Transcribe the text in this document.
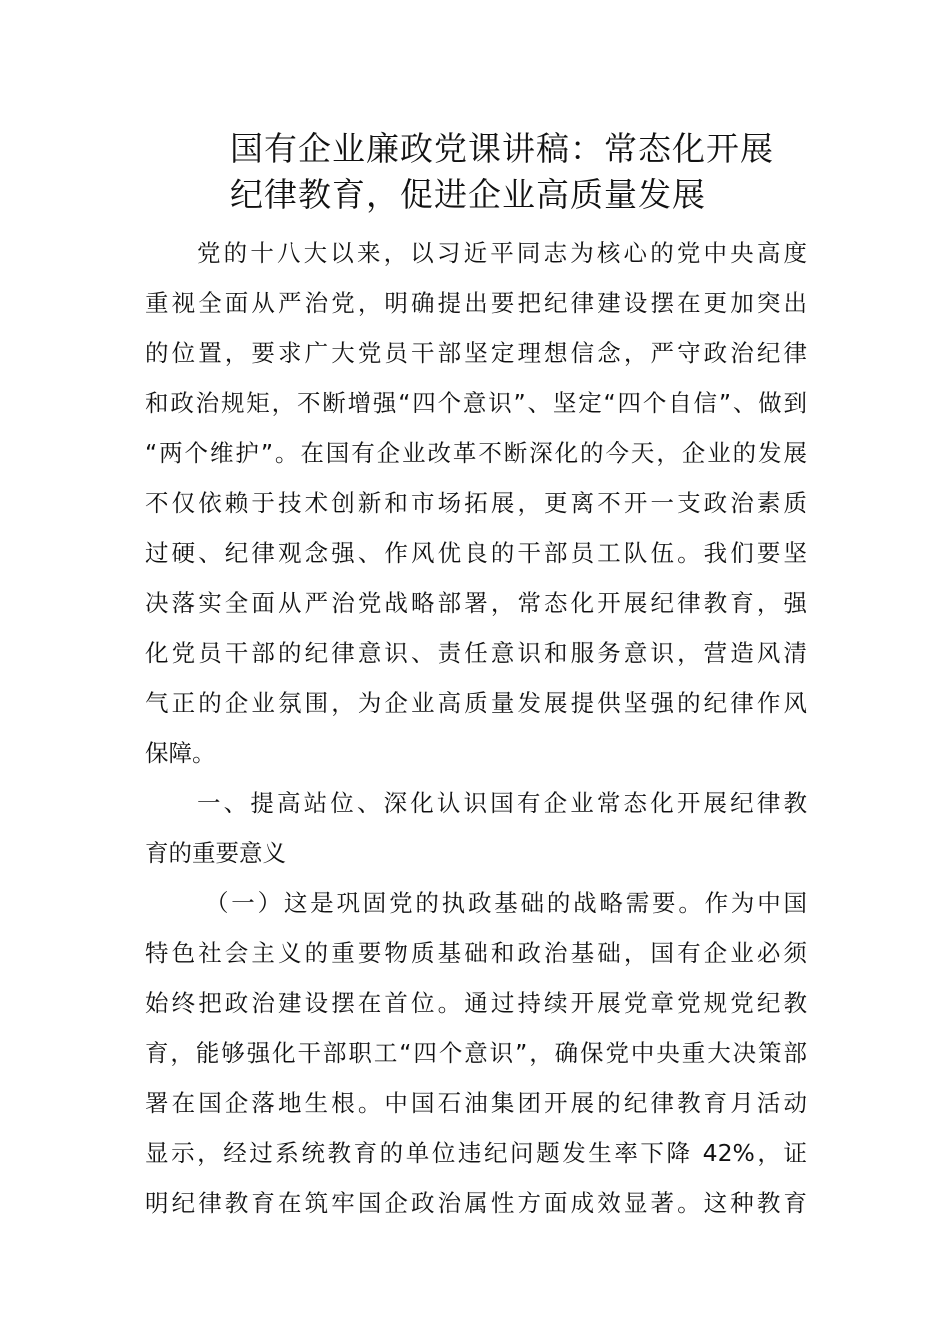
国有企业廉政党课讲稿：常态化开展
纪律教育，促进企业高质量发展

党的十八大以来，以习近平同志为核心的党中央高度
重视全面从严治党，明确提出要把纪律建设摆在更加突出
的位置，要求广大党员干部坚定理想信念，严守政治纪律
和政治规矩，不断增强“四个意识”、坚定“四个自信”、做到
“两个维护”。在国有企业改革不断深化的今天，企业的发展
不仅依赖于技术创新和市场拓展，更离不开一支政治素质
过硬、纪律观念强、作风优良的干部员工队伍。我们要坚
决落实全面从严治党战略部署，常态化开展纪律教育，强
化党员干部的纪律意识、责任意识和服务意识，营造风清
气正的企业氛围，为企业高质量发展提供坚强的纪律作风
保障。

一、提高站位、深化认识国有企业常态化开展纪律教
育的重要意义

（一）这是巩固党的执政基础的战略需要。作为中国
特色社会主义的重要物质基础和政治基础，国有企业必须
始终把政治建设摆在首位。通过持续开展党章党规党纪教
育，能够强化干部职工“四个意识”，确保党中央重大决策部
署在国企落地生根。中国石油集团开展的纪律教育月活动
显示，经过系统教育的单位违纪问题发生率下降 42%，证
明纪律教育在筑牢国企政治属性方面成效显著。这种教育
